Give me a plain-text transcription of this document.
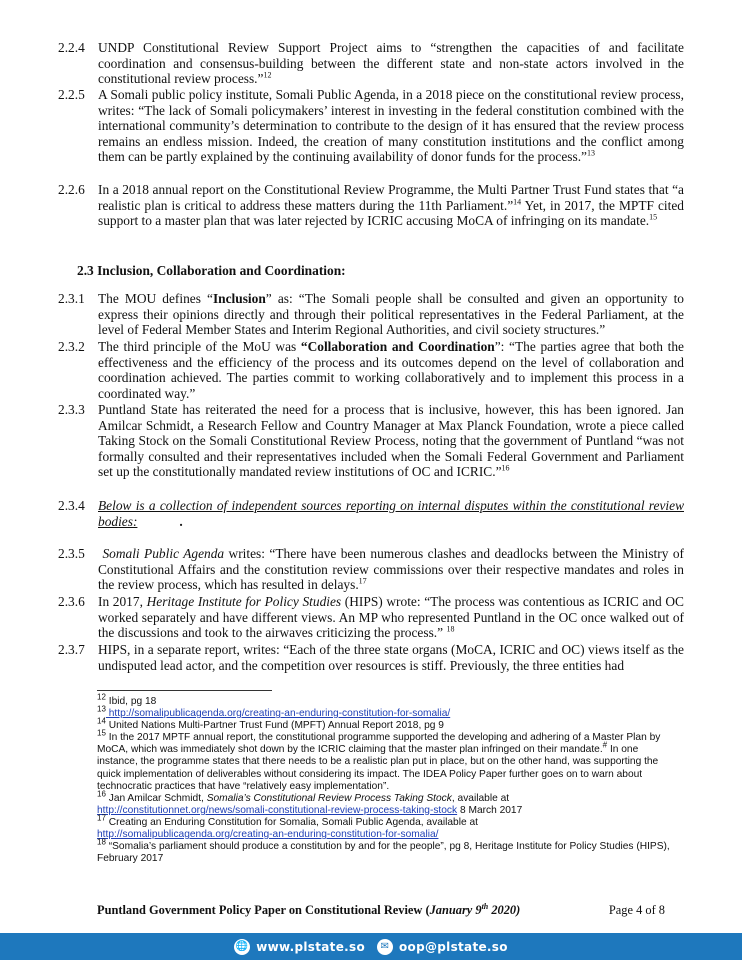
2.2.4 UNDP Constitutional Review Support Project aims to “strengthen the capacities of and facilitate coordination and consensus-building between the different state and non-state actors involved in the constitutional review process.”$^{12}$
2.2.5 A Somali public policy institute, Somali Public Agenda, in a 2018 piece on the constitutional review process, writes: “The lack of Somali policymakers’ interest in investing in the federal constitution combined with the international community’s determination to contribute to the design of it has ensured that the review process remains an endless mission. Indeed, the creation of many constitution institutions and the conflict among them can be partly explained by the continuing availability of donor funds for the process.”$^{13}$
2.2.6 In a 2018 annual report on the Constitutional Review Programme, the Multi Partner Trust Fund states that “a realistic plan is critical to address these matters during the 11th Parliament.”$^{14}$ Yet, in 2017, the MPTF cited support to a master plan that was later rejected by ICRIC accusing MoCA of infringing on its mandate.$^{15}$
2.3 Inclusion, Collaboration and Coordination:
2.3.1 The MOU defines “Inclusion” as: “The Somali people shall be consulted and given an opportunity to express their opinions directly and through their political representatives in the Federal Parliament, at the level of Federal Member States and Interim Regional Authorities, and civil society structures.”
2.3.2 The third principle of the MoU was “Collaboration and Coordination”: “The parties agree that both the effectiveness and the efficiency of the process and its outcomes depend on the level of collaboration and coordination achieved. The parties commit to working collaboratively and to implement this process in a coordinated way.”
2.3.3 Puntland State has reiterated the need for a process that is inclusive, however, this has been ignored. Jan Amilcar Schmidt, a Research Fellow and Country Manager at Max Planck Foundation, wrote a piece called Taking Stock on the Somali Constitutional Review Process, noting that the government of Puntland “was not formally consulted and their representatives included when the Somali Federal Government and Parliament set up the constitutionally mandated review institutions of OC and ICRIC.”$^{16}$
2.3.4 Below is a collection of independent sources reporting on internal disputes within the constitutional review bodies:	.
2.3.5	Somali Public Agenda writes: “There have been numerous clashes and deadlocks between the Ministry of Constitutional Affairs and the constitution review commissions over their respective mandates and roles in the review process, which has resulted in delays.$^{17}$
2.3.6 In 2017, Heritage Institute for Policy Studies (HIPS) wrote: “The process was contentious as ICRIC and OC worked separately and have different views. An MP who represented Puntland in the OC once walked out of the discussions and took to the airwaves criticizing the process.” $^{18}$
2.3.7 HIPS, in a separate report, writes: “Each of the three state organs (MoCA, ICRIC and OC) views itself as the undisputed lead actor, and the competition over resources is stiff. Previously, the three entities had

$^{12}$ Ibid, pg 18

$^{13}$ http://somalipublicagenda.org/creating-an-enduring-constitution-for-somalia/

$^{14}$ United Nations Multi-Partner Trust Fund (MPFT) Annual Report 2018, pg 9

$^{15}$ In the 2017 MPTF annual report, the constitutional programme supported the developing and adhering of a Master Plan by MoCA, which was immediately shot down by the ICRIC claiming that the master plan infringed on their mandate.# In one instance, the programme states that there needs to be a realistic plan put in place, but on the other hand, was supporting the quick implementation of deliverables without considering its impact. The IDEA Policy Paper further goes on to warn about technocratic practices that have “relatively easy implementation”.

$^{16}$ Jan Amilcar Schmidt, Somalia’s Constitutional Review Process Taking Stock, available at
http://constitutionnet.org/news/somali-constitutional-review-process-taking-stock 8 March 2017

$^{17}$ Creating an Enduring Constitution for Somalia, Somali Public Agenda, available at
http://somalipublicagenda.org/creating-an-enduring-constitution-for-somalia/

$^{18}$ “Somalia’s parliament should produce a constitution by and for the people”, pg 8, Heritage Institute for Policy Studies (HIPS), February 2017

Puntland Government Policy Paper on Constitutional Review (January 9th 2020)	Page 4 of 8
🌐 www.plstate.so	✉ oop@plstate.so
